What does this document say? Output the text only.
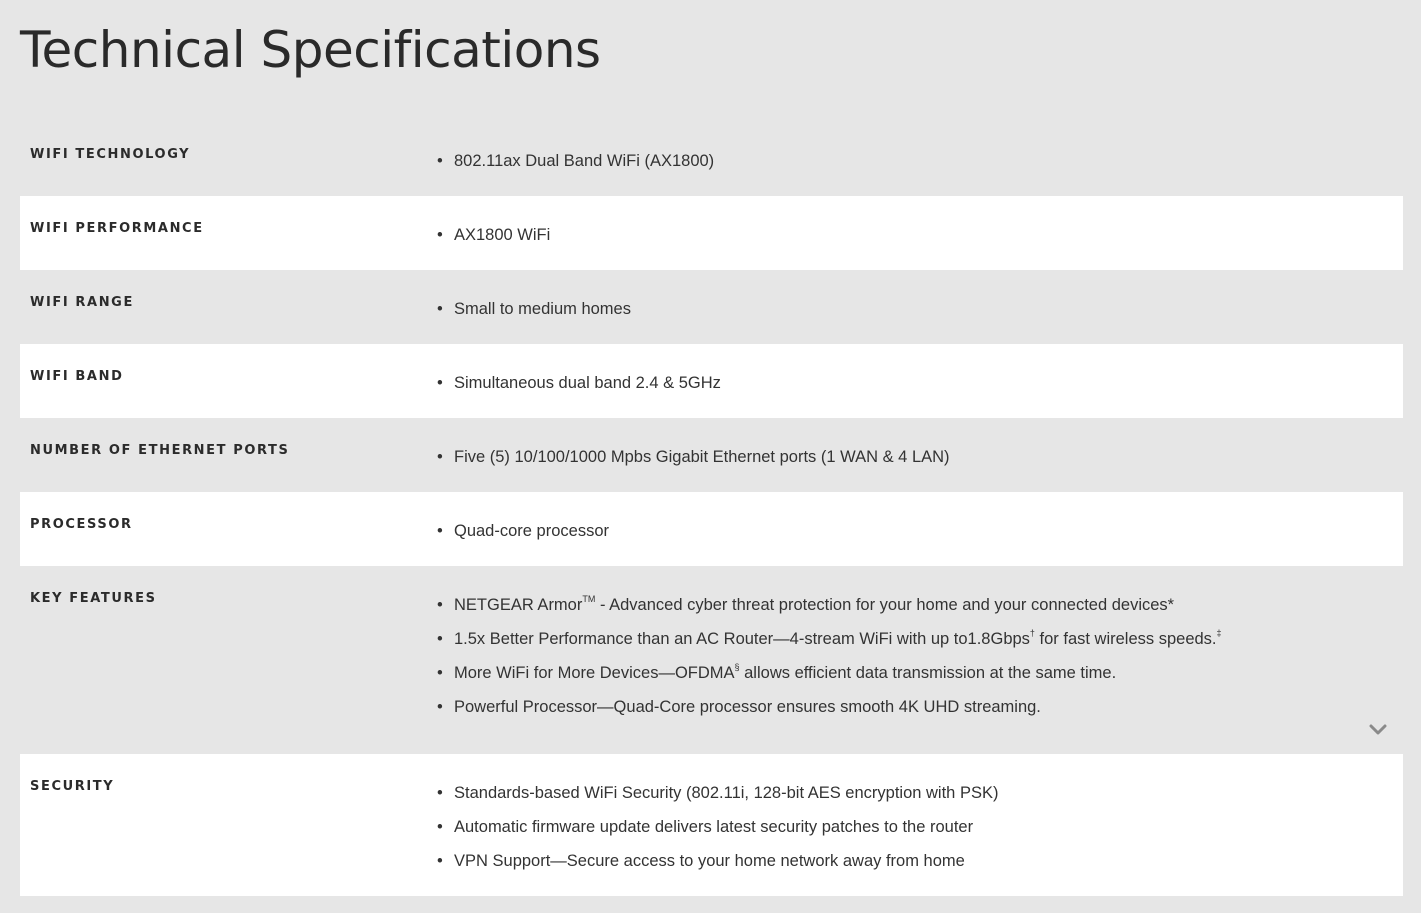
Technical Specifications
WIFI TECHNOLOGY	• 802.11ax Dual Band WiFi (AX1800)
WIFI PERFORMANCE	• AX1800 WiFi
WIFI RANGE	• Small to medium homes
WIFI BAND	• Simultaneous dual band 2.4 & 5GHz
NUMBER OF ETHERNET PORTS	• Five (5) 10/100/1000 Mpbs Gigabit Ethernet ports (1 WAN & 4 LAN)
PROCESSOR	• Quad-core processor
KEY FEATURES	• NETGEAR Armor™ - Advanced cyber threat protection for your home and your connected devices*
• 1.5x Better Performance than an AC Router—4-stream WiFi with up to1.8Gbps† for fast wireless speeds.‡
• More WiFi for More Devices—OFDMA§ allows efficient data transmission at the same time.
• Powerful Processor—Quad-Core processor ensures smooth 4K UHD streaming.
SECURITY	• Standards-based WiFi Security (802.11i, 128-bit AES encryption with PSK)
• Automatic firmware update delivers latest security patches to the router
• VPN Support—Secure access to your home network away from home
